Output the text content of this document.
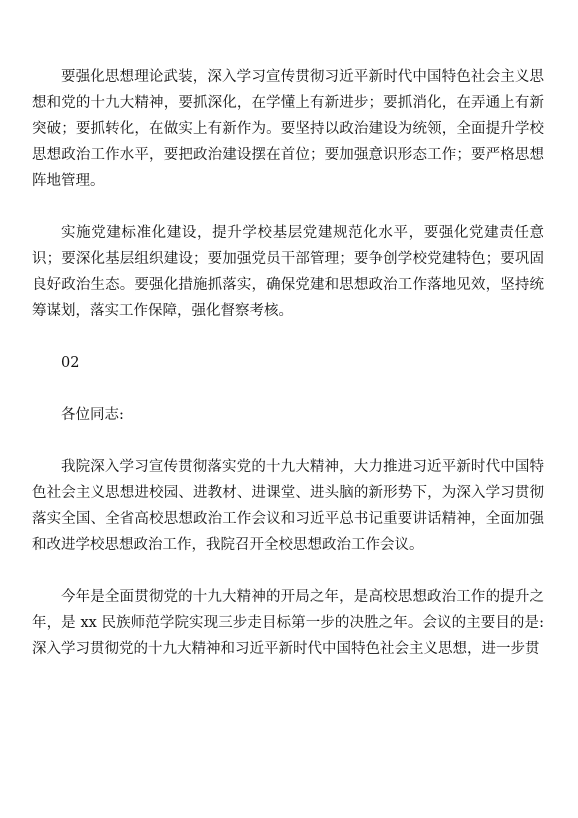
要强化思想理论武装，深入学习宣传贯彻习近平新时代中国特色社会主义思想和党的十九大精神，要抓深化，在学懂上有新进步；要抓消化，在弄通上有新突破；要抓转化，在做实上有新作为。要坚持以政治建设为统领，全面提升学校思想政治工作水平，要把政治建设摆在首位；要加强意识形态工作；要严格思想阵地管理。

实施党建标准化建设，提升学校基层党建规范化水平，要强化党建责任意识；要深化基层组织建设；要加强党员干部管理；要争创学校党建特色；要巩固良好政治生态。要强化措施抓落实，确保党建和思想政治工作落地见效，坚持统筹谋划，落实工作保障，强化督察考核。

02

各位同志:

我院深入学习宣传贯彻落实党的十九大精神，大力推进习近平新时代中国特色社会主义思想进校园、进教材、进课堂、进头脑的新形势下，为深入学习贯彻落实全国、全省高校思想政治工作会议和习近平总书记重要讲话精神，全面加强和改进学校思想政治工作，我院召开全校思想政治工作会议。

今年是全面贯彻党的十九大精神的开局之年，是高校思想政治工作的提升之年，是 xx 民族师范学院实现三步走目标第一步的决胜之年。会议的主要目的是:深入学习贯彻党的十九大精神和习近平新时代中国特色社会主义思想，进一步贯
